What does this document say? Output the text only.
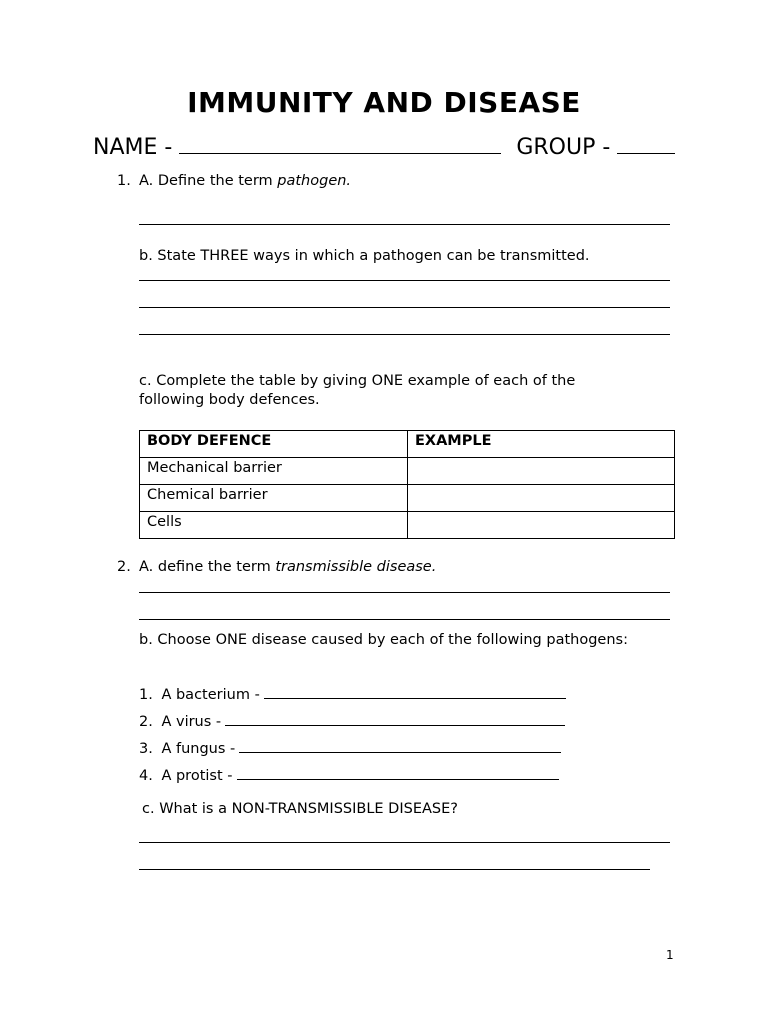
IMMUNITY AND DISEASE
NAME -	GROUP -
1. A. Define the term pathogen.
b. State THREE ways in which a pathogen can be transmitted.
c. Complete the table by giving ONE example of each of the
following body defences.
BODY DEFENCE	EXAMPLE
Mechanical barrier	
Chemical barrier	
Cells	
2. A. define the term transmissible disease.
b. Choose ONE disease caused by each of the following pathogens:
1. A bacterium -
2. A virus -
3. A fungus -
4. A protist -
c. What is a NON-TRANSMISSIBLE DISEASE?
1
